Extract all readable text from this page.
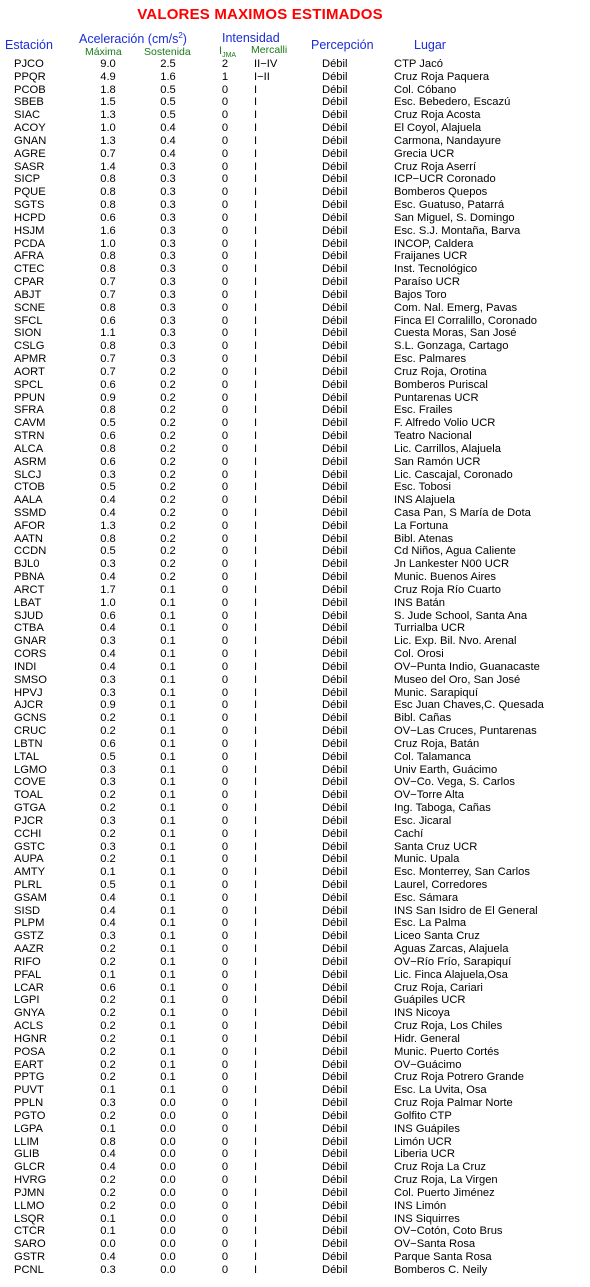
VALORES MAXIMOS ESTIMADOS
Estación Aceleración $(cm/s^2)$
Máxima Sostenida
Intensidad
$I_{JMA}$ Mercalli Percepción	Lugar
PJCO	9.0	2.5	2	II−IV	Débil	CTP Jacó
PPQR	4.9	1.6	1	I−II	Débil	Cruz Roja Paquera
PCOB	1.8	0.5	0	I	Débil	Col. Cóbano
SBEB	1.5	0.5	0	I	Débil	Esc. Bebedero, Escazú
SIAC	1.3	0.5	0	I	Débil	Cruz Roja Acosta
ACOY	1.0	0.4	0	I	Débil	El Coyol, Alajuela
GNAN	1.3	0.4	0	I	Débil	Carmona, Nandayure
AGRE	0.7	0.4	0	I	Débil	Grecia UCR
SASR	1.4	0.3	0	I	Débil	Cruz Roja Aserrí
SICP	0.8	0.3	0	I	Débil	ICP−UCR Coronado
PQUE	0.8	0.3	0	I	Débil	Bomberos Quepos
SGTS	0.8	0.3	0	I	Débil	Esc. Guatuso, Patarrá
HCPD	0.6	0.3	0	I	Débil	San Miguel, S. Domingo
HSJM	1.6	0.3	0	I	Débil	Esc. S.J. Montaña, Barva
PCDA	1.0	0.3	0	I	Débil	INCOP, Caldera
AFRA	0.8	0.3	0	I	Débil	Fraijanes UCR
CTEC	0.8	0.3	0	I	Débil	Inst. Tecnológico
CPAR	0.7	0.3	0	I	Débil	Paraíso UCR
ABJT	0.7	0.3	0	I	Débil	Bajos Toro
SCNE	0.8	0.3	0	I	Débil	Com. Nal. Emerg, Pavas
SFCL	0.6	0.3	0	I	Débil	Finca El Corralillo, Coronado
SION	1.1	0.3	0	I	Débil	Cuesta Moras, San José
CSLG	0.8	0.3	0	I	Débil	S.L. Gonzaga, Cartago
APMR	0.7	0.3	0	I	Débil	Esc. Palmares
AORT	0.7	0.2	0	I	Débil	Cruz Roja, Orotina
SPCL	0.6	0.2	0	I	Débil	Bomberos Puriscal
PPUN	0.9	0.2	0	I	Débil	Puntarenas UCR
SFRA	0.8	0.2	0	I	Débil	Esc. Frailes
CAVM	0.5	0.2	0	I	Débil	F. Alfredo Volio UCR
STRN	0.6	0.2	0	I	Débil	Teatro Nacional
ALCA	0.8	0.2	0	I	Débil	Lic. Carrillos, Alajuela
ASRM	0.6	0.2	0	I	Débil	San Ramón UCR
SLCJ	0.3	0.2	0	I	Débil	Lic. Cascajal, Coronado
CTOB	0.5	0.2	0	I	Débil	Esc. Tobosi
AALA	0.4	0.2	0	I	Débil	INS Alajuela
SSMD	0.4	0.2	0	I	Débil	Casa Pan, S María de Dota
AFOR	1.3	0.2	0	I	Débil	La Fortuna
AATN	0.8	0.2	0	I	Débil	Bibl. Atenas
CCDN	0.5	0.2	0	I	Débil	Cd Niños, Agua Caliente
BJL0	0.3	0.2	0	I	Débil	Jn Lankester N00 UCR
PBNA	0.4	0.2	0	I	Débil	Munic. Buenos Aires
ARCT	1.7	0.1	0	I	Débil	Cruz Roja Río Cuarto
LBAT	1.0	0.1	0	I	Débil	INS Batán
SJUD	0.6	0.1	0	I	Débil	S. Jude School, Santa Ana
CTBA	0.4	0.1	0	I	Débil	Turrialba UCR
GNAR	0.3	0.1	0	I	Débil	Lic. Exp. Bil. Nvo. Arenal
CORS	0.4	0.1	0	I	Débil	Col. Orosi
INDI	0.4	0.1	0	I	Débil	OV−Punta Indio, Guanacaste
SMSO	0.3	0.1	0	I	Débil	Museo del Oro, San José
HPVJ	0.3	0.1	0	I	Débil	Munic. Sarapiquí
AJCR	0.9	0.1	0	I	Débil	Esc Juan Chaves,C. Quesada
GCNS	0.2	0.1	0	I	Débil	Bibl. Cañas
CRUC	0.2	0.1	0	I	Débil	OV−Las Cruces, Puntarenas
LBTN	0.6	0.1	0	I	Débil	Cruz Roja, Batán
LTAL	0.5	0.1	0	I	Débil	Col. Talamanca
LGMO	0.3	0.1	0	I	Débil	Univ Earth, Guácimo
COVE	0.3	0.1	0	I	Débil	OV−Co. Vega, S. Carlos
TOAL	0.2	0.1	0	I	Débil	OV−Torre Alta
GTGA	0.2	0.1	0	I	Débil	Ing. Taboga, Cañas
PJCR	0.3	0.1	0	I	Débil	Esc. Jicaral
CCHI	0.2	0.1	0	I	Débil	Cachí
GSTC	0.3	0.1	0	I	Débil	Santa Cruz UCR
AUPA	0.2	0.1	0	I	Débil	Munic. Upala
AMTY	0.1	0.1	0	I	Débil	Esc. Monterrey, San Carlos
PLRL	0.5	0.1	0	I	Débil	Laurel, Corredores
GSAM	0.4	0.1	0	I	Débil	Esc. Sámara
SISD	0.4	0.1	0	I	Débil	INS San Isidro de El General
PLPM	0.4	0.1	0	I	Débil	Esc. La Palma
GSTZ	0.3	0.1	0	I	Débil	Liceo Santa Cruz
AAZR	0.2	0.1	0	I	Débil	Aguas Zarcas, Alajuela
RIFO	0.2	0.1	0	I	Débil	OV−Río Frío, Sarapiquí
PFAL	0.1	0.1	0	I	Débil	Lic. Finca Alajuela,Osa
LCAR	0.6	0.1	0	I	Débil	Cruz Roja, Cariari
LGPI	0.2	0.1	0	I	Débil	Guápiles UCR
GNYA	0.2	0.1	0	I	Débil	INS Nicoya
ACLS	0.2	0.1	0	I	Débil	Cruz Roja, Los Chiles
HGNR	0.2	0.1	0	I	Débil	Hidr. General
POSA	0.2	0.1	0	I	Débil	Munic. Puerto Cortés
EART	0.2	0.1	0	I	Débil	OV−Guácimo
PPTG	0.2	0.1	0	I	Débil	Cruz Roja Potrero Grande
PUVT	0.1	0.1	0	I	Débil	Esc. La Uvita, Osa
PPLN	0.3	0.0	0	I	Débil	Cruz Roja Palmar Norte
PGTO	0.2	0.0	0	I	Débil	Golfito CTP
LGPA	0.1	0.0	0	I	Débil	INS Guápiles
LLIM	0.8	0.0	0	I	Débil	Limón UCR
GLIB	0.4	0.0	0	I	Débil	Liberia UCR
GLCR	0.4	0.0	0	I	Débil	Cruz Roja La Cruz
HVRG	0.2	0.0	0	I	Débil	Cruz Roja, La Virgen
PJMN	0.2	0.0	0	I	Débil	Col. Puerto Jiménez
LLMO	0.2	0.0	0	I	Débil	INS Limón
LSQR	0.1	0.0	0	I	Débil	INS Siquirres
CTCR	0.1	0.0	0	I	Débil	OV−Cotón, Coto Brus
SARO	0.0	0.0	0	I	Débil	OV−Santa Rosa
GSTR	0.4	0.0	0	I	Débil	Parque Santa Rosa
PCNL	0.3	0.0	0	I	Débil	Bomberos C. Neily
